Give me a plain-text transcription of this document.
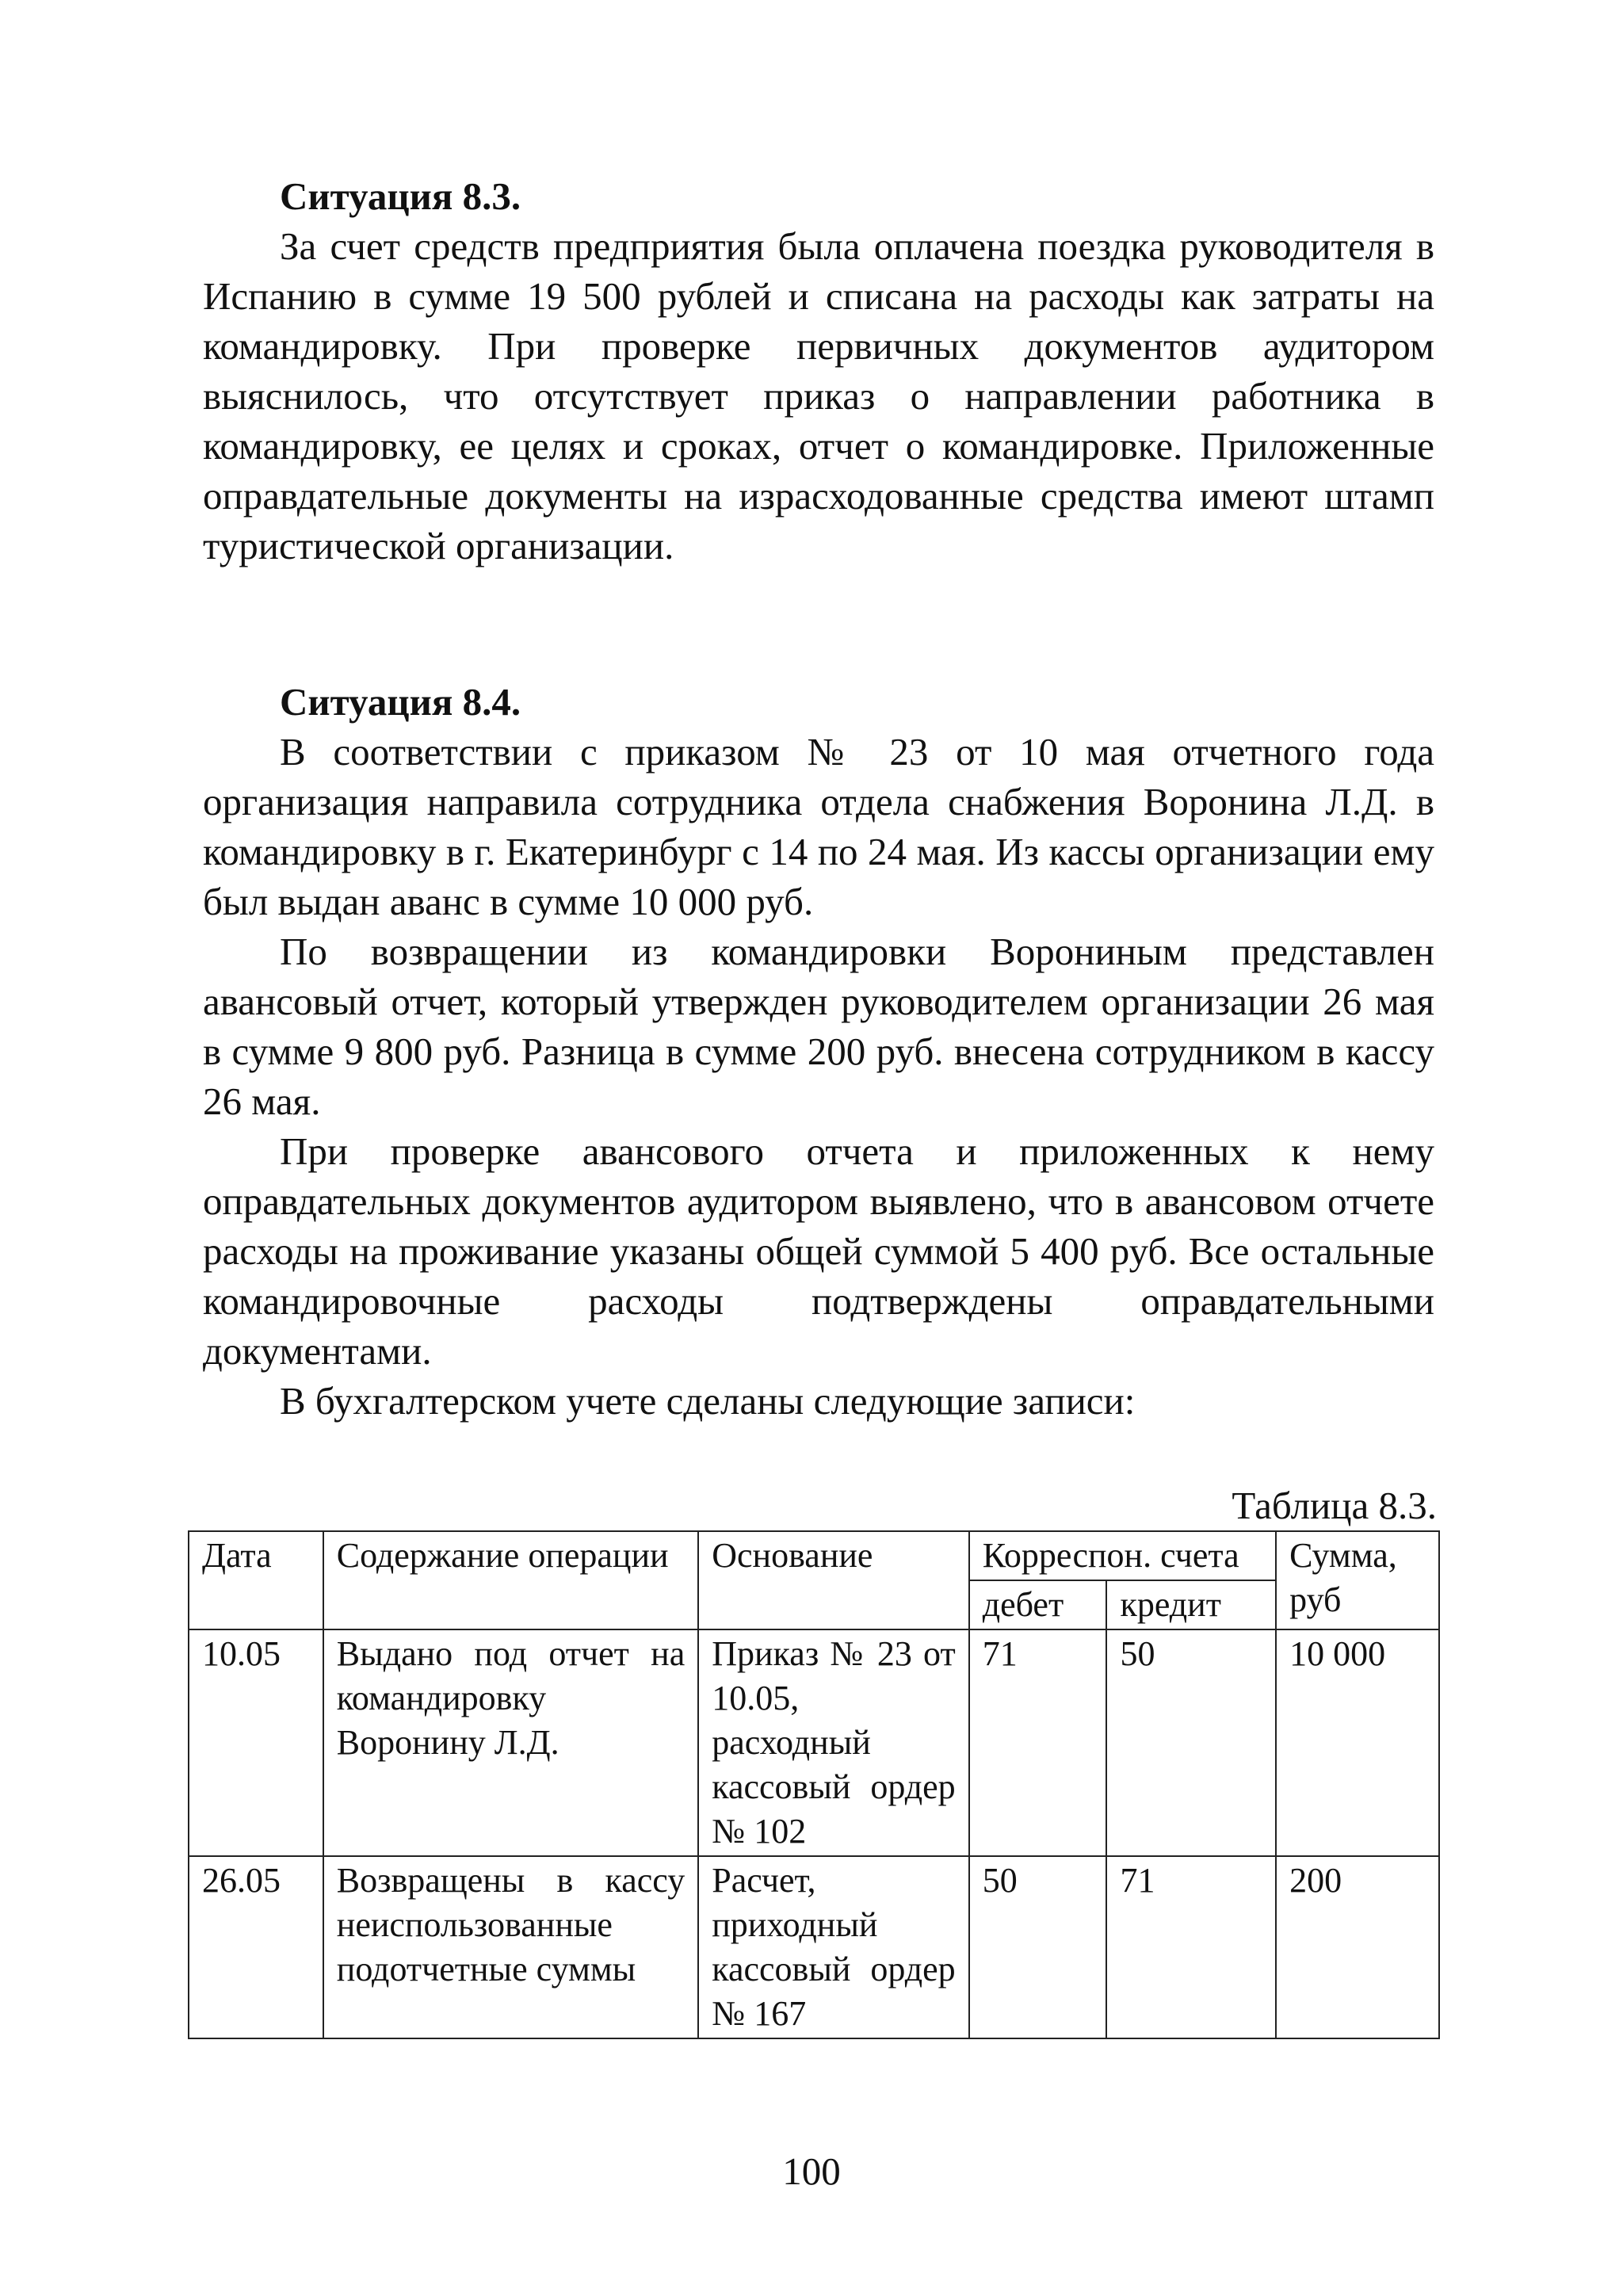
Ситуация 8.3.

За счет средств предприятия была оплачена поездка руководителя в Испанию в сумме 19 500 рублей и списана на расходы как затраты на командировку. При проверке первичных документов аудитором выяснилось, что отсутствует приказ о направлении работника в командировку, ее целях и сроках, отчет о командировке. Приложенные оправдательные документы на израсходованные средства имеют штамп туристической организации.

Ситуация 8.4.

В соответствии с приказом № 23 от 10 мая отчетного года организация направила сотрудника отдела снабжения Воронина Л.Д. в командировку в г. Екатеринбург с 14 по 24 мая. Из кассы организации ему был выдан аванс в сумме 10 000 руб.

По возвращении из командировки Ворониным представлен авансовый отчет, который утвержден руководителем организации 26 мая в сумме 9 800 руб. Разница в сумме 200 руб. внесена сотрудником в кассу 26 мая.

При проверке авансового отчета и приложенных к нему оправдательных документов аудитором выявлено, что в авансовом отчете расходы на проживание указаны общей суммой 5 400 руб. Все остальные командировочные расходы подтверждены оправдательными документами.

В бухгалтерском учете сделаны следующие записи:

Таблица 8.3.
Дата	Содержание операции	Основание	Корреспон. счета		Сумма, руб
			дебет	кредит	
10.05	Выдано под отчет на командировку Воронину Л.Д.	Приказ № 23 от 10.05, расходный кассовый ордер № 102	71	50	10 000
26.05	Возвращены в кассу неиспользованные подотчетные суммы	Расчет, приходный кассовый ордер № 167	50	71	200
100
